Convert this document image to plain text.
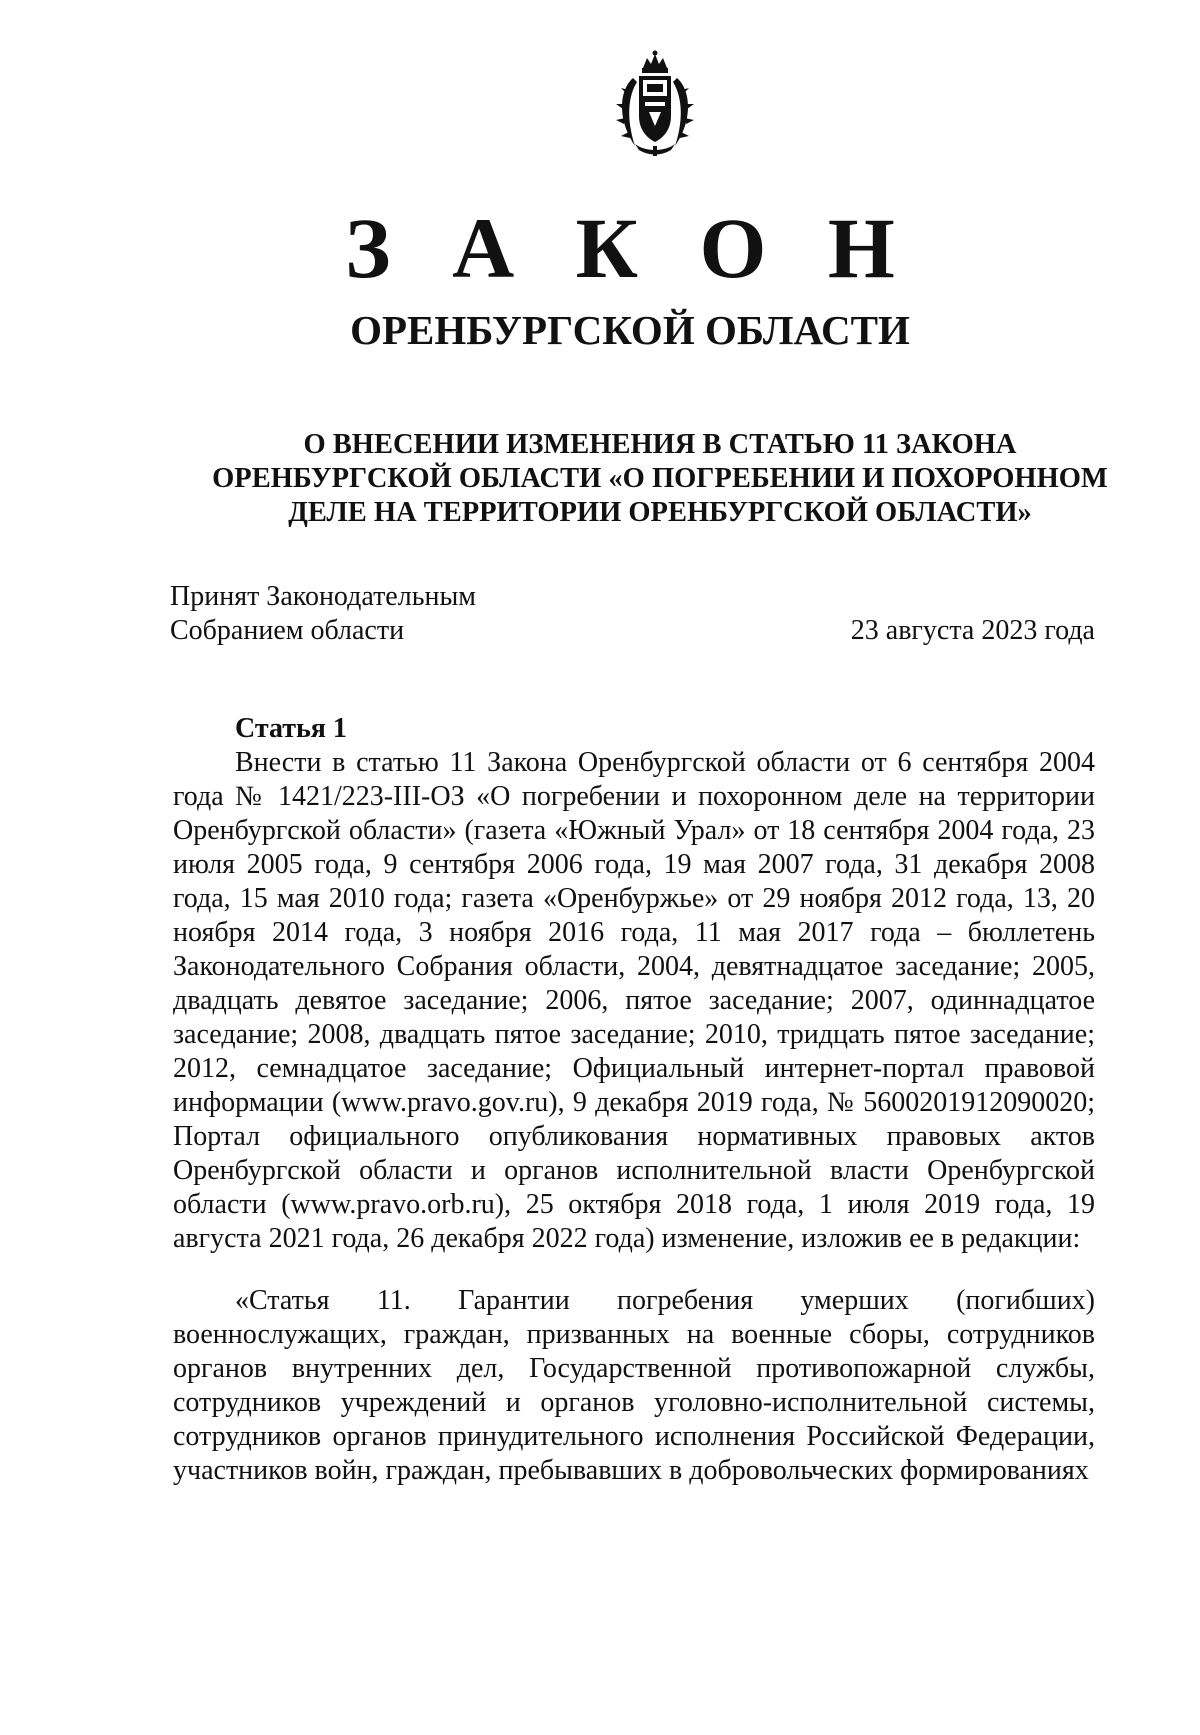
З А К О Н
ОРЕНБУРГСКОЙ ОБЛАСТИ
О ВНЕСЕНИИ ИЗМЕНЕНИЯ В СТАТЬЮ 11 ЗАКОНА
ОРЕНБУРГСКОЙ ОБЛАСТИ «О ПОГРЕБЕНИИ И ПОХОРОННОМ
ДЕЛЕ НА ТЕРРИТОРИИ ОРЕНБУРГСКОЙ ОБЛАСТИ»
Принят Законодательным
Собранием области	23 августа 2023 года
Статья 1

Внести в статью 11 Закона Оренбургской области от 6 сентября 2004 года № 1421/223-III-ОЗ «О погребении и похоронном деле на территории Оренбургской области» (газета «Южный Урал» от 18 сентября 2004 года, 23 июля 2005 года, 9 сентября 2006 года, 19 мая 2007 года, 31 декабря 2008 года, 15 мая 2010 года; газета «Оренбуржье» от 29 ноября 2012 года, 13, 20 ноября 2014 года, 3 ноября 2016 года, 11 мая 2017 года – бюллетень Законодательного Собрания области, 2004, девятнадцатое заседание; 2005, двадцать девятое заседание; 2006, пятое заседание; 2007, одиннадцатое заседание; 2008, двадцать пятое заседание; 2010, тридцать пятое заседание; 2012, семнадцатое заседание; Официальный интернет-портал правовой информации (www.pravo.gov.ru), 9 декабря 2019 года, № 5600201912090020; Портал официального опубликования нормативных правовых актов Оренбургской области и органов исполнительной власти Оренбургской области (www.pravo.orb.ru), 25 октября 2018 года, 1 июля 2019 года, 19 августа 2021 года, 26 декабря 2022 года) изменение, изложив ее в редакции:

«Статья 11. Гарантии погребения умерших (погибших) военнослужащих, граждан, призванных на военные сборы, сотрудников органов внутренних дел, Государственной противопожарной службы, сотрудников учреждений и органов уголовно-исполнительной системы, сотрудников органов принудительного исполнения Российской Федерации, участников войн, граждан, пребывавших в добровольческих формированиях
